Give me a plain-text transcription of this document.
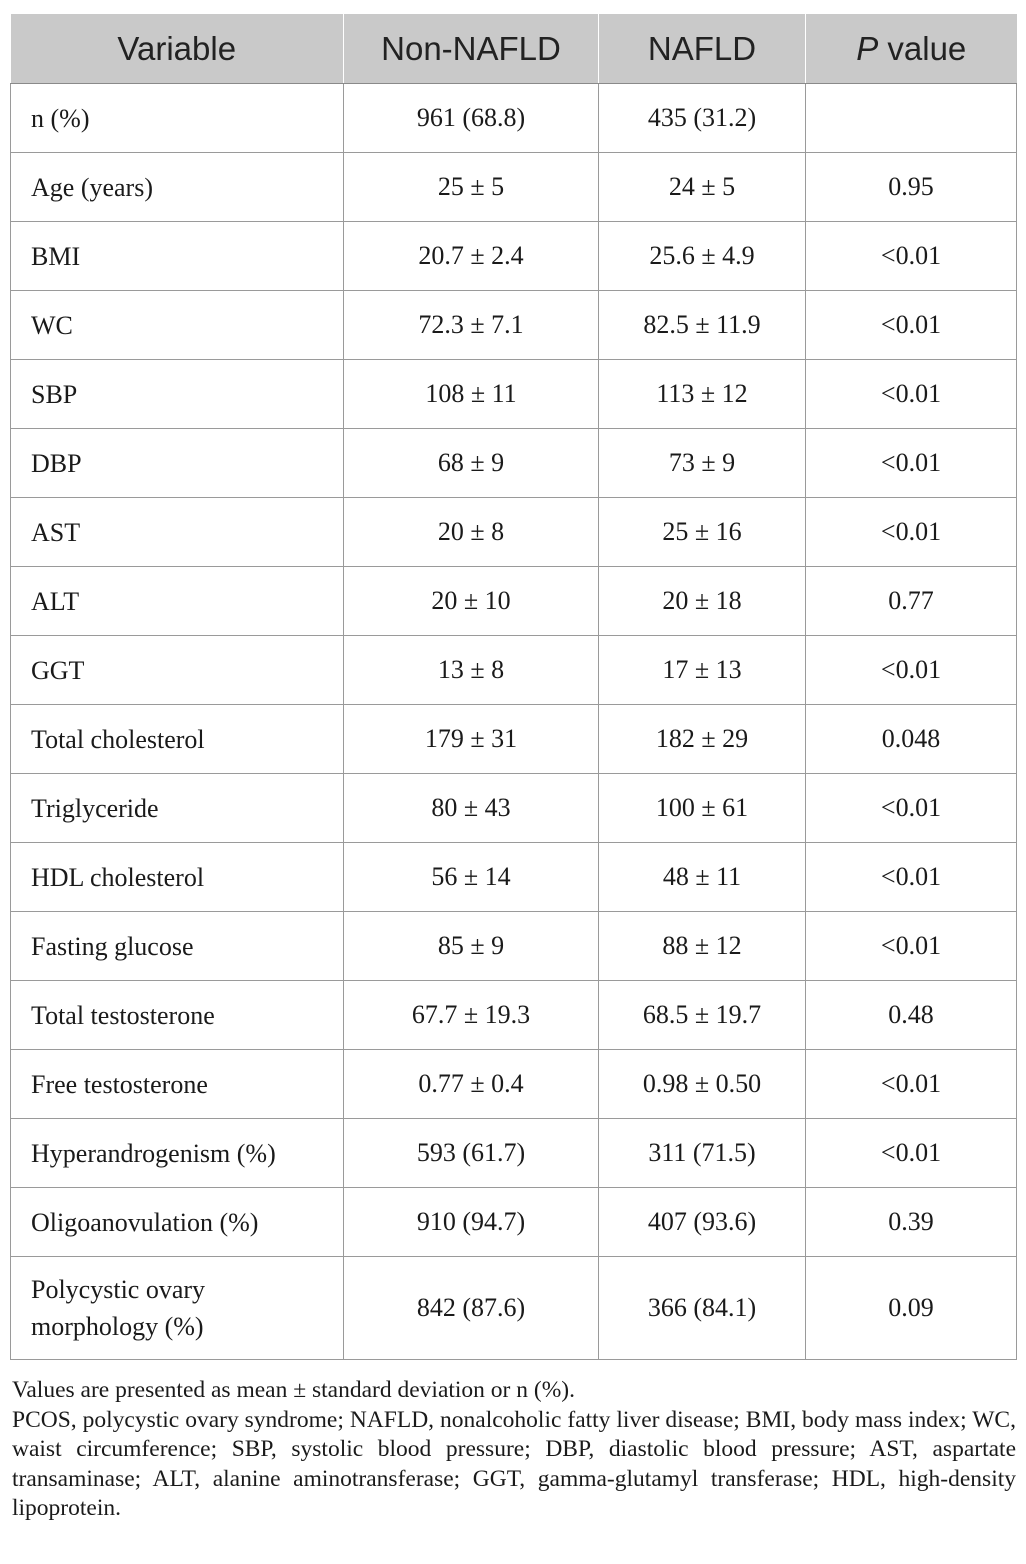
Variable	Non-NAFLD	NAFLD	P value
n (%)	961 (68.8)	435 (31.2)	
Age (years)	25 ± 5	24 ± 5	0.95
BMI	20.7 ± 2.4	25.6 ± 4.9	<0.01
WC	72.3 ± 7.1	82.5 ± 11.9	<0.01
SBP	108 ± 11	113 ± 12	<0.01
DBP	68 ± 9	73 ± 9	<0.01
AST	20 ± 8	25 ± 16	<0.01
ALT	20 ± 10	20 ± 18	0.77
GGT	13 ± 8	17 ± 13	<0.01
Total cholesterol	179 ± 31	182 ± 29	0.048
Triglyceride	80 ± 43	100 ± 61	<0.01
HDL cholesterol	56 ± 14	48 ± 11	<0.01
Fasting glucose	85 ± 9	88 ± 12	<0.01
Total testosterone	67.7 ± 19.3	68.5 ± 19.7	0.48
Free testosterone	0.77 ± 0.4	0.98 ± 0.50	<0.01
Hyperandrogenism (%)	593 (61.7)	311 (71.5)	<0.01
Oligoanovulation (%)	910 (94.7)	407 (93.6)	0.39
Polycystic ovary
morphology (%)	842 (87.6)	366 (84.1)	0.09

Values are presented as mean ± standard deviation or n (%).

PCOS, polycystic ovary syndrome; NAFLD, nonalcoholic fatty liver disease; BMI, body mass index; WC, waist circumference; SBP, systolic blood pressure; DBP, diastolic blood pressure; AST, aspartate transaminase; ALT, alanine aminotransferase; GGT, gamma-glutamyl transferase; HDL, high-density lipoprotein.
